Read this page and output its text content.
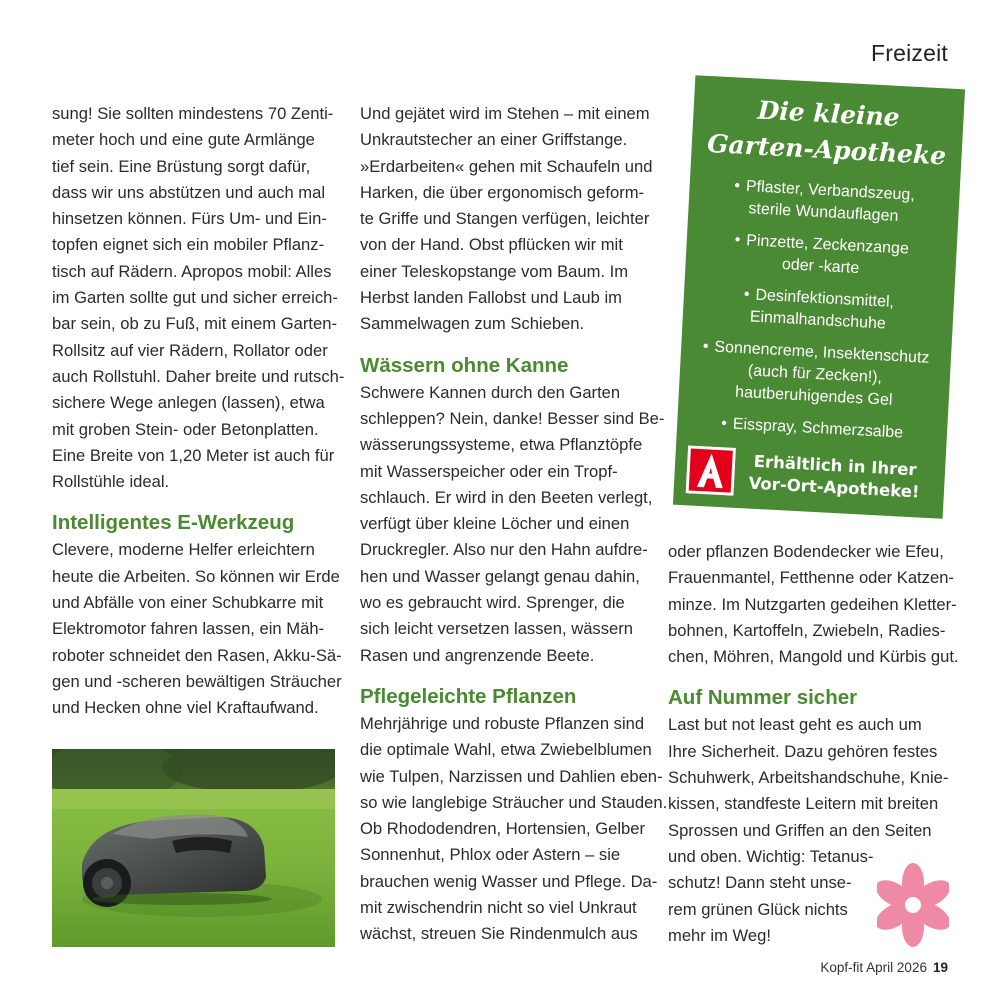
Freizeit

sung! Sie sollten mindestens 70 Zenti-

meter hoch und eine gute Armlänge

tief sein. Eine Brüstung sorgt dafür,

dass wir uns abstützen und auch mal

hinsetzen können. Fürs Um- und Ein-

topfen eignet sich ein mobiler Pflanz-

tisch auf Rädern. Apropos mobil: Alles

im Garten sollte gut und sicher erreich-

bar sein, ob zu Fuß, mit einem Garten-

Rollsitz auf vier Rädern, Rollator oder

auch Rollstuhl. Daher breite und rutsch-

sichere Wege anlegen (lassen), etwa

mit groben Stein- oder Betonplatten.

Eine Breite von 1,20 Meter ist auch für

Rollstühle ideal.

Intelligentes E-Werkzeug

Clevere, moderne Helfer erleichtern

heute die Arbeiten. So können wir Erde

und Abfälle von einer Schubkarre mit

Elektromotor fahren lassen, ein Mäh-

roboter schneidet den Rasen, Akku-Sä-

gen und -scheren bewältigen Sträucher

und Hecken ohne viel Kraftaufwand.

Und gejätet wird im Stehen – mit einem

Unkrautstecher an einer Griffstange.

»Erdarbeiten« gehen mit Schaufeln und

Harken, die über ergonomisch geform-

te Griffe und Stangen verfügen, leichter

von der Hand. Obst pflücken wir mit

einer Teleskopstange vom Baum. Im

Herbst landen Fallobst und Laub im

Sammelwagen zum Schieben.

Wässern ohne Kanne

Schwere Kannen durch den Garten

schleppen? Nein, danke! Besser sind Be-

wässerungssysteme, etwa Pflanztöpfe

mit Wasserspeicher oder ein Tropf-

schlauch. Er wird in den Beeten verlegt,

verfügt über kleine Löcher und einen

Druckregler. Also nur den Hahn aufdre-

hen und Wasser gelangt genau dahin,

wo es gebraucht wird. Sprenger, die

sich leicht versetzen lassen, wässern

Rasen und angrenzende Beete.

Pflegeleichte Pflanzen

Mehrjährige und robuste Pflanzen sind

die optimale Wahl, etwa Zwiebelblumen

wie Tulpen, Narzissen und Dahlien eben-

so wie langlebige Sträucher und Stauden.

Ob Rhododendren, Hortensien, Gelber

Sonnenhut, Phlox oder Astern – sie

brauchen wenig Wasser und Pflege. Da-

mit zwischendrin nicht so viel Unkraut

wächst, streuen Sie Rindenmulch aus

oder pflanzen Bodendecker wie Efeu,

Frauenmantel, Fetthenne oder Katzen-

minze. Im Nutzgarten gedeihen Kletter-

bohnen, Kartoffeln, Zwiebeln, Radies-

chen, Möhren, Mangold und Kürbis gut.

Auf Nummer sicher

Last but not least geht es auch um

Ihre Sicherheit. Dazu gehören festes

Schuhwerk, Arbeitshandschuhe, Knie-

kissen, standfeste Leitern mit breiten

Sprossen und Griffen an den Seiten

und oben. Wichtig: Tetanus-

schutz! Dann steht unse-

rem grünen Glück nichts

mehr im Weg!

Die kleine
Garten-Apotheke
• Pflaster, Verbandszeug,
sterile Wundauflagen
• Pinzette, Zeckenzange
oder -karte
• Desinfektionsmittel,
Einmalhandschuhe
• Sonnencreme, Insektenschutz
(auch für Zecken!),
hautberuhigendes Gel
• Eisspray, Schmerzsalbe
Erhältlich in Ihrer
Vor-Ort-Apotheke!
Kopf-fit April 2026 19
